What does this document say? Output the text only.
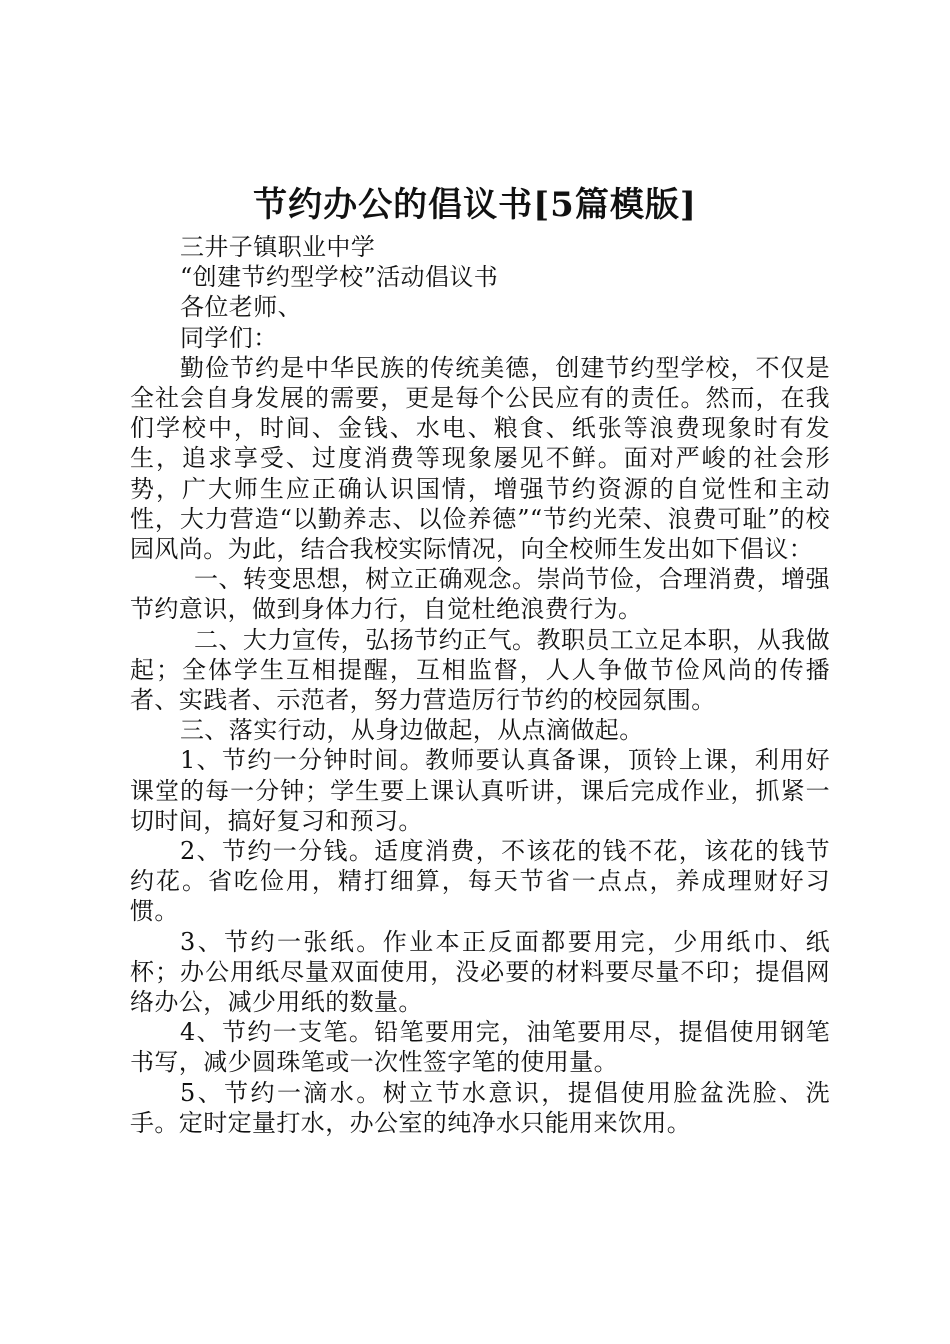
节约办公的倡议书[5篇模版]

三井子镇职业中学

“创建节约型学校”活动倡议书

各位老师、

同学们：

勤俭节约是中华民族的传统美德，创建节约型学校，不仅是全社会自身发展的需要，更是每个公民应有的责任。然而，在我们学校中，时间、金钱、水电、粮食、纸张等浪费现象时有发生，追求享受、过度消费等现象屡见不鲜。面对严峻的社会形势，广大师生应正确认识国情，增强节约资源的自觉性和主动性，大力营造“以勤养志、以俭养德”“节约光荣、浪费可耻”的校园风尚。为此，结合我校实际情况，向全校师生发出如下倡议：

一、转变思想，树立正确观念。崇尚节俭，合理消费，增强节约意识，做到身体力行，自觉杜绝浪费行为。

二、大力宣传，弘扬节约正气。教职员工立足本职，从我做起；全体学生互相提醒，互相监督，人人争做节俭风尚的传播者、实践者、示范者，努力营造厉行节约的校园氛围。

三、落实行动，从身边做起，从点滴做起。

1、节约一分钟时间。教师要认真备课，顶铃上课，利用好课堂的每一分钟；学生要上课认真听讲，课后完成作业，抓紧一切时间，搞好复习和预习。

2、节约一分钱。适度消费，不该花的钱不花，该花的钱节约花。省吃俭用，精打细算，每天节省一点点，养成理财好习惯。

3、节约一张纸。作业本正反面都要用完，少用纸巾、纸杯；办公用纸尽量双面使用，没必要的材料要尽量不印；提倡网络办公，减少用纸的数量。

4、节约一支笔。铅笔要用完，油笔要用尽，提倡使用钢笔书写，减少圆珠笔或一次性签字笔的使用量。

5、节约一滴水。树立节水意识，提倡使用脸盆洗脸、洗手。定时定量打水，办公室的纯净水只能用来饮用。
